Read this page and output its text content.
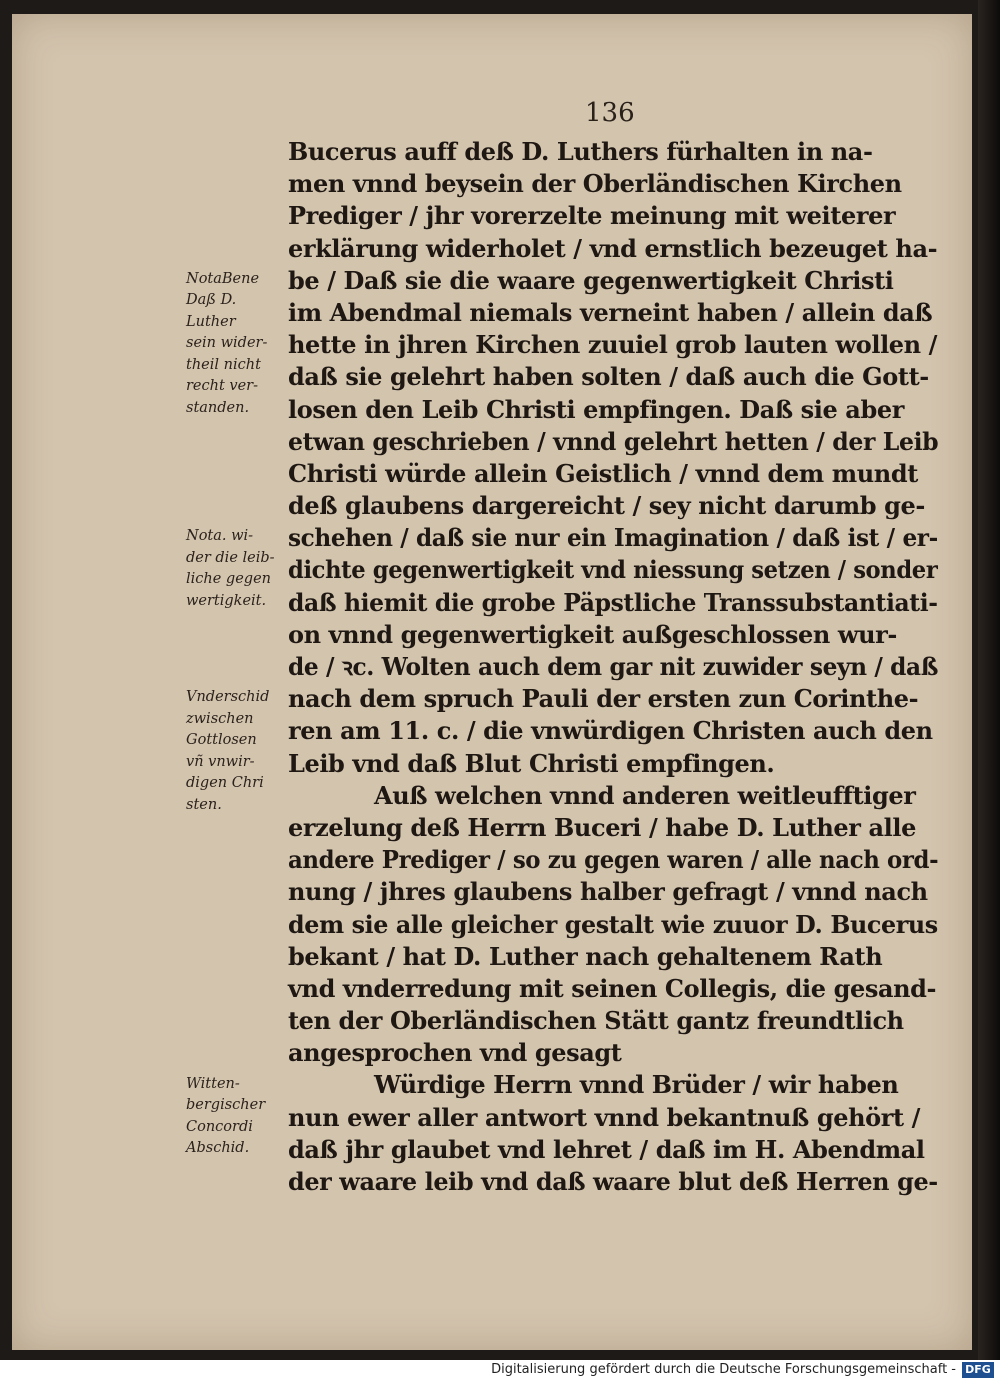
136
NotaBene
Daß D.
Luther
sein wider-
theil nicht
recht ver-
standen.
Nota. wi-
der die leib-
liche gegen
wertigkeit.
Vnderschid
zwischen
Gottlosen
vñ vnwir-
digen Chri
sten.
Witten-
bergischer
Concordi
Abschid.
Bucerus auff deß D. Luthers fürhalten in na-
men vnnd beysein der Oberländischen Kirchen
Prediger / jhr vorerzelte meinung mit weiterer
erklärung widerholet / vnd ernstlich bezeuget ha-
be / Daß sie die waare gegenwertigkeit Christi
im Abendmal niemals verneint haben / allein daß
hette in jhren Kirchen zuuiel grob lauten wollen /
daß sie gelehrt haben solten / daß auch die Gott-
losen den Leib Christi empfingen. Daß sie aber
etwan geschrieben / vnnd gelehrt hetten / der Leib
Christi würde allein Geistlich / vnnd dem mundt
deß glaubens dargereicht / sey nicht darumb ge-
schehen / daß sie nur ein Imagination / daß ist / er-
dichte gegenwertigkeit vnd niessung setzen / sonder
daß hiemit die grobe Päpstliche Transsubstantiati-
on vnnd gegenwertigkeit außgeschlossen wur-
de / ꝛc. Wolten auch dem gar nit zuwider seyn / daß
nach dem spruch Pauli der ersten zun Corinthe-
ren am 11. c. / die vnwürdigen Christen auch den
Leib vnd daß Blut Christi empfingen.
Auß welchen vnnd anderen weitleufftiger
erzelung deß Herrn Buceri / habe D. Luther alle
andere Prediger / so zu gegen waren / alle nach ord-
nung / jhres glaubens halber gefragt / vnnd nach
dem sie alle gleicher gestalt wie zuuor D. Bucerus
bekant / hat D. Luther nach gehaltenem Rath
vnd vnderredung mit seinen Collegis, die gesand-
ten der Oberländischen Stätt gantz freundtlich
angesprochen vnd gesagt
Würdige Herrn vnnd Brüder / wir haben
nun ewer aller antwort vnnd bekantnuß gehört /
daß jhr glaubet vnd lehret / daß im H. Abendmal
der waare leib vnd daß waare blut deß Herren ge-
Digitalisierung gefördert durch die Deutsche Forschungsgemeinschaft - DFG
